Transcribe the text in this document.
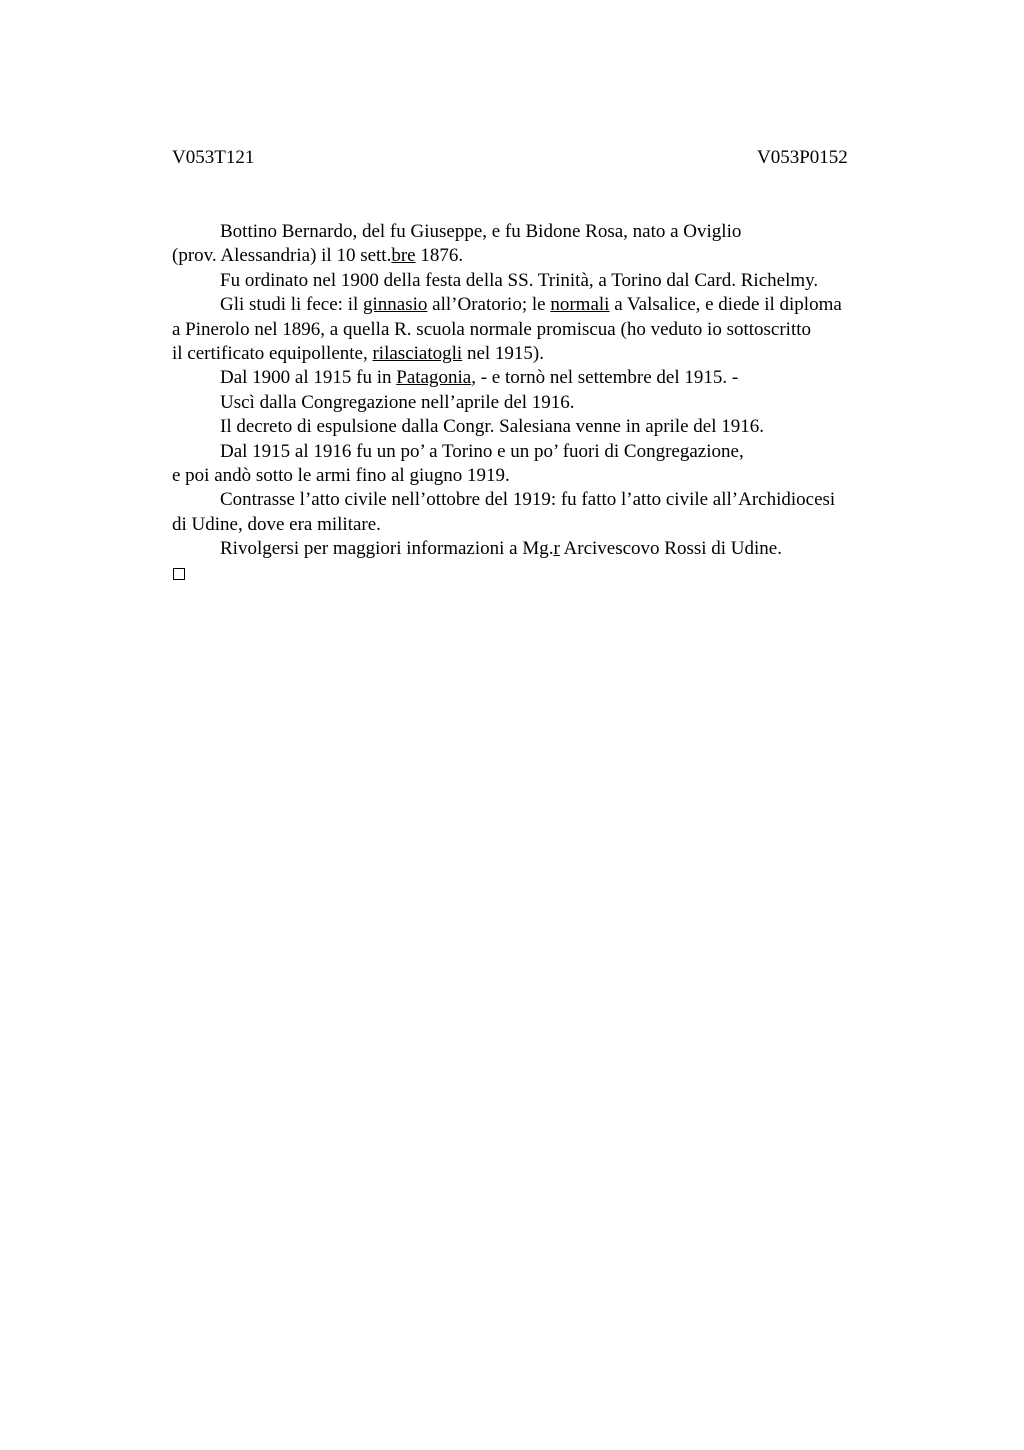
V053T121	V053P0152
Bottino Bernardo, del fu Giuseppe, e fu Bidone Rosa, nato a Oviglio
(prov. Alessandria) il 10 sett.bre 1876.
Fu ordinato nel 1900 della festa della SS. Trinità, a Torino dal Card. Richelmy.
Gli studi li fece: il ginnasio all’Oratorio; le normali a Valsalice, e diede il diploma
a Pinerolo nel 1896, a quella R. scuola normale promiscua (ho veduto io sottoscritto
il certificato equipollente, rilasciatogli nel 1915).
Dal 1900 al 1915 fu in Patagonia, - e tornò nel settembre del 1915. -
Uscì dalla Congregazione nell’aprile del 1916.
Il decreto di espulsione dalla Congr. Salesiana venne in aprile del 1916.
Dal 1915 al 1916 fu un po’ a Torino e un po’ fuori di Congregazione,
e poi andò sotto le armi fino al giugno 1919.
Contrasse l’atto civile nell’ottobre del 1919: fu fatto l’atto civile all’Archidiocesi
di Udine, dove era militare.
Rivolgersi per maggiori informazioni a Mg.r Arcivescovo Rossi di Udine.
